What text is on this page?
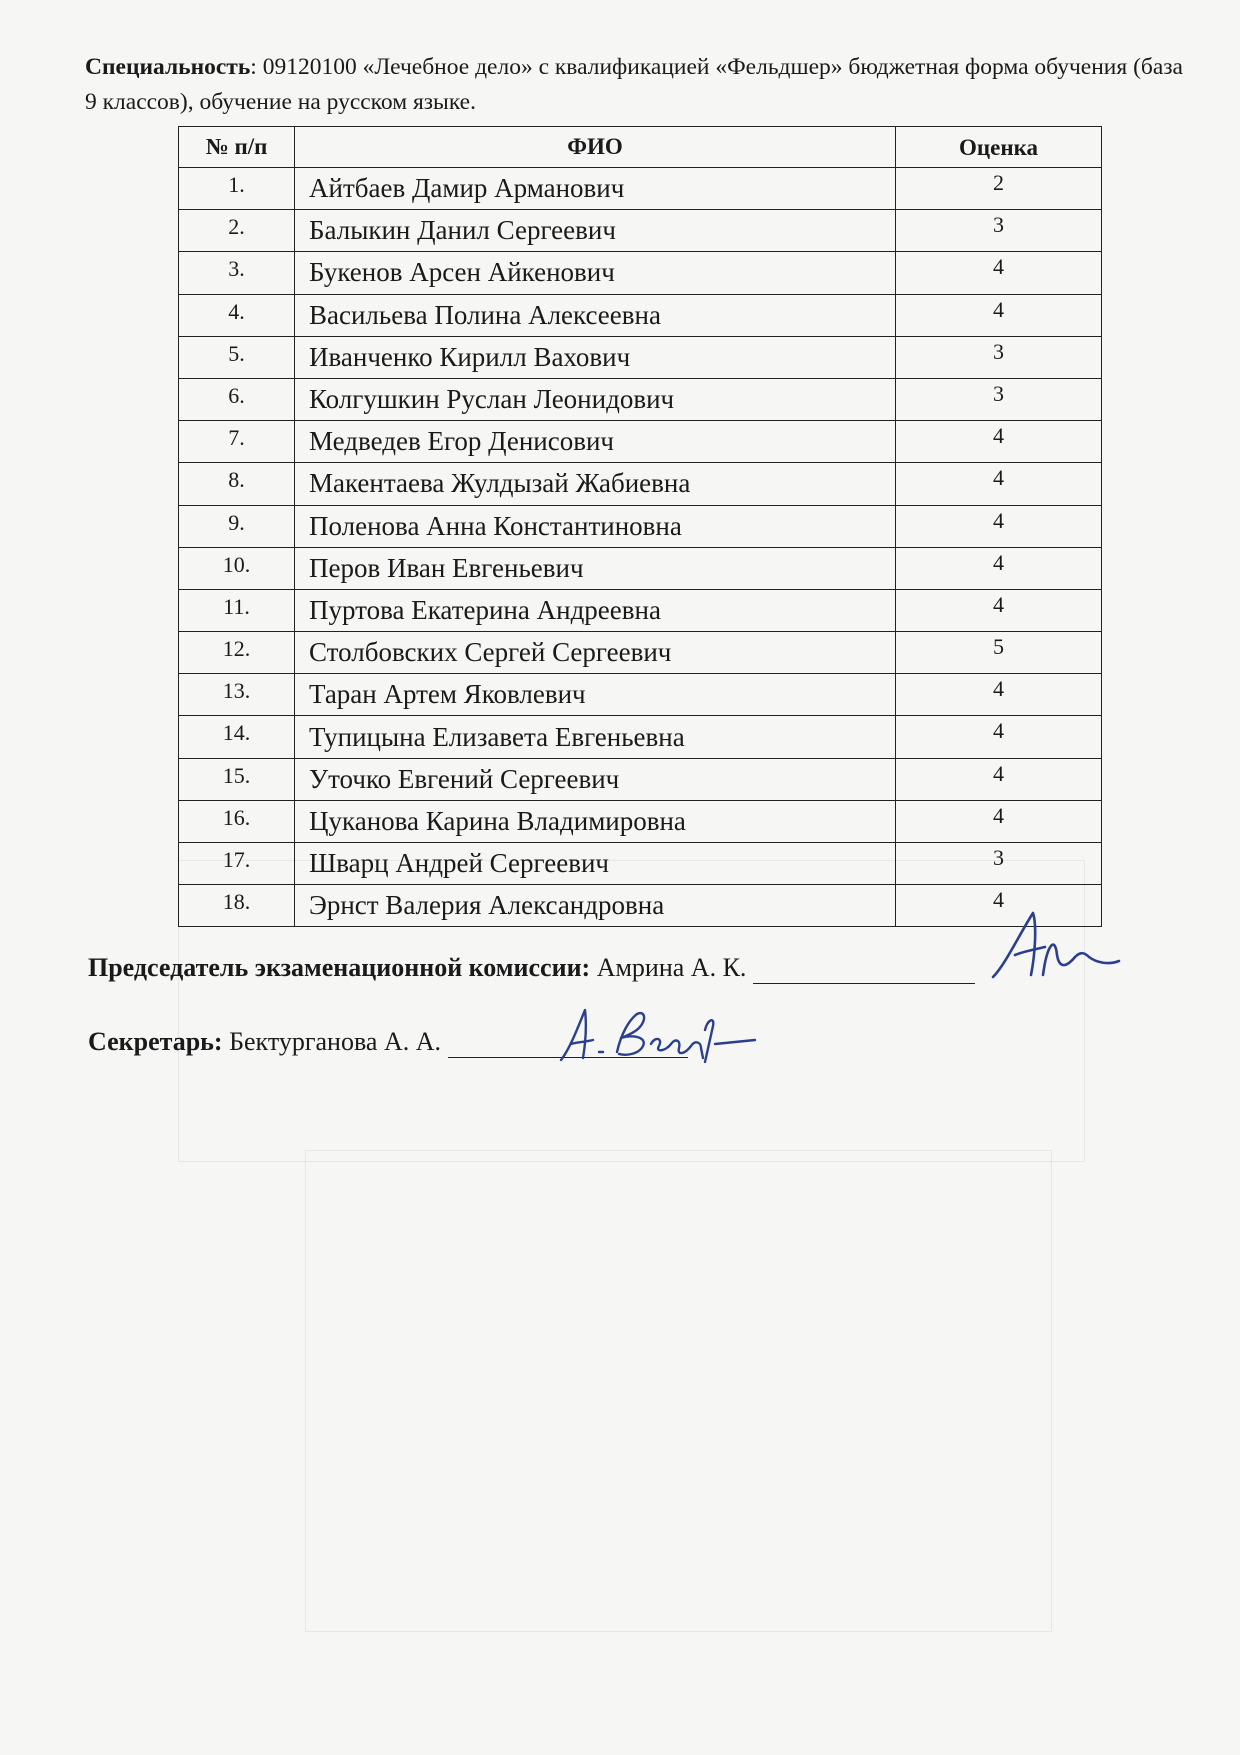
Специальность: 09120100 «Лечебное дело» с квалификацией «Фельдшер» бюджетная форма обучения (база 9 классов), обучение на русском языке.

№ п/п	ФИО	Оценка
1.	Айтбаев Дамир Арманович	2
2.	Балыкин Данил Сергеевич	3
3.	Букенов Арсен Айкенович	4
4.	Васильева Полина Алексеевна	4
5.	Иванченко Кирилл Вахович	3
6.	Колгушкин Руслан Леонидович	3
7.	Медведев Егор Денисович	4
8.	Макентаева Жулдызай Жабиевна	4
9.	Поленова Анна Константиновна	4
10.	Перов Иван Евгеньевич	4
11.	Пуртова Екатерина Андреевна	4
12.	Столбовских Сергей Сергеевич	5
13.	Таран Артем Яковлевич	4
14.	Тупицына Елизавета Евгеньевна	4
15.	Уточко Евгений Сергеевич	4
16.	Цуканова Карина Владимировна	4
17.	Шварц Андрей Сергеевич	3
18.	Эрнст Валерия Александровна	4
Председатель экзаменационной комиссии: Амрина А. К.
Секретарь: Бектурганова А. А.
